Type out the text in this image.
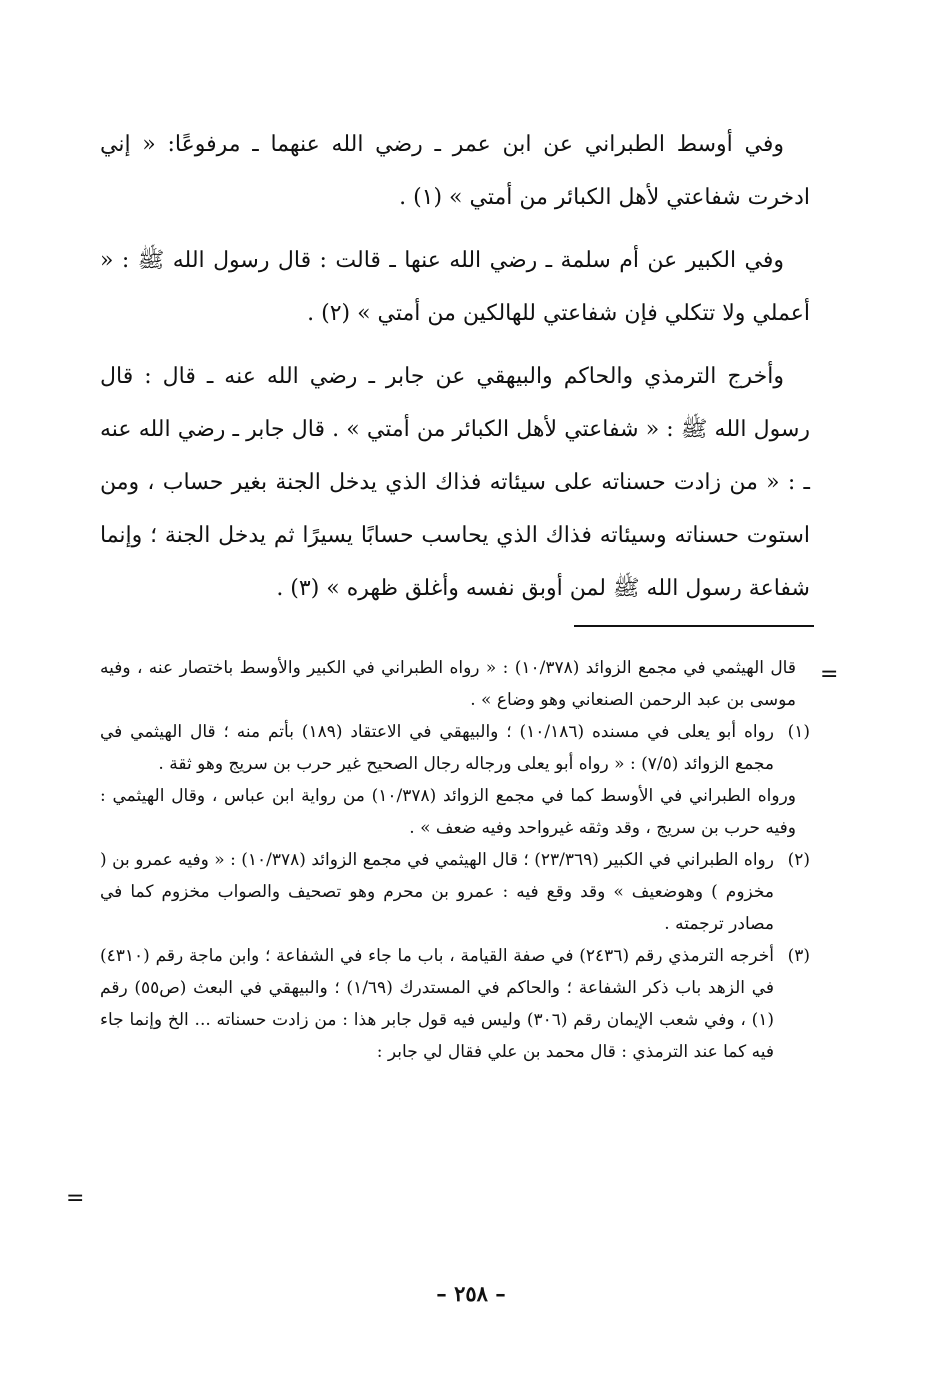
وفي أوسط الطبراني عن ابن عمر ـ رضي الله عنهما ـ مرفوعًا: « إني ادخرت شفاعتي لأهل الكبائر من أمتي » (١) .

وفي الكبير عن أم سلمة ـ رضي الله عنها ـ قالت : قال رسول الله ﷺ : « أعملي ولا تتكلي فإن شفاعتي للهالكين من أمتي » (٢) .

وأخرج الترمذي والحاكم والبيهقي عن جابر ـ رضي الله عنه ـ قال : قال رسول الله ﷺ : « شفاعتي لأهل الكبائر من أمتي » . قال جابر ـ رضي الله عنه ـ : « من زادت حسناته على سيئاته فذاك الذي يدخل الجنة بغير حساب ، ومن استوت حسناته وسيئاته فذاك الذي يحاسب حسابًا يسيرًا ثم يدخل الجنة ؛ وإنما شفاعة رسول الله ﷺ لمن أوبق نفسه وأغلق ظهره » (٣) .

=

قال الهيثمي في مجمع الزوائد (١٠/٣٧٨) : « رواه الطبراني في الكبير والأوسط باختصار عنه ، وفيه موسى بن عبد الرحمن الصنعاني وهو وضاع » .

(١)
رواه أبو يعلى في مسنده (١٠/١٨٦) ؛ والبيهقي في الاعتقاد (١٨٩) بأتم منه ؛ قال الهيثمي في مجمع الزوائد (٧/٥) : « رواه أبو يعلى ورجاله رجال الصحيح غير حرب بن سريج وهو ثقة .

ورواه الطبراني في الأوسط كما في مجمع الزوائد (١٠/٣٧٨) من رواية ابن عباس ، وقال الهيثمي : وفيه حرب بن سريج ، وقد وثقه غيرواحد وفيه ضعف » .

(٢)
رواه الطبراني في الكبير (٢٣/٣٦٩) ؛ قال الهيثمي في مجمع الزوائد (١٠/٣٧٨) : « وفيه عمرو بن ( مخزوم ) وهوضعيف » وقد وقع فيه : عمرو بن محرم وهو تصحيف والصواب مخزوم كما في مصادر ترجمته .
(٣)
أخرجه الترمذي رقم (٢٤٣٦) في صفة القيامة ، باب ما جاء في الشفاعة ؛ وابن ماجة رقم (٤٣١٠) في الزهد باب ذكر الشفاعة ؛ والحاكم في المستدرك (١/٦٩) ؛ والبيهقي في البعث (ص٥٥) رقم (١) ، وفي شعب الإيمان رقم (٣٠٦) وليس فيه قول جابر هذا : من زادت حسناته ... الخ وإنما جاء فيه كما عند الترمذي : قال محمد بن علي فقال لي جابر :
=
– ٢٥٨ –
